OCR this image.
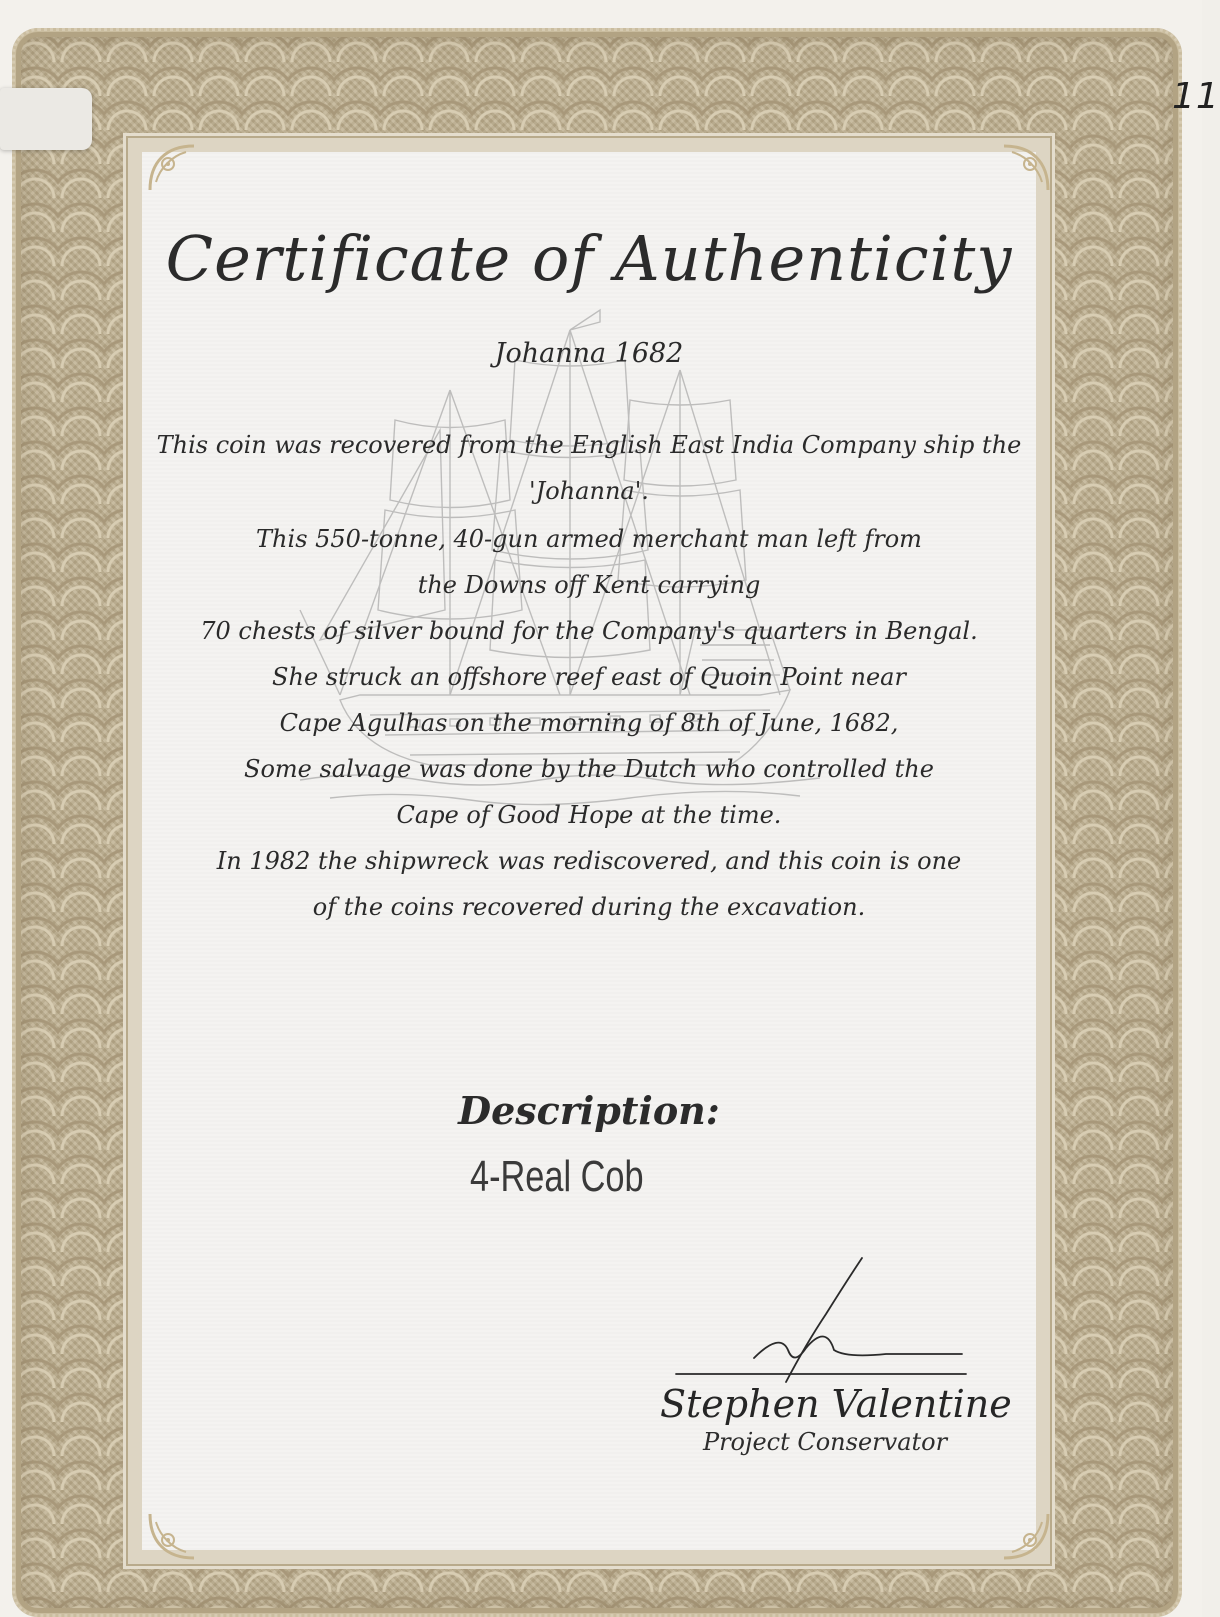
11
Certificate of Authenticity
Johanna 1682
This coin was recovered from the English East India Company ship the
'Johanna'.
This 550-tonne, 40-gun armed merchant man left from
the Downs off Kent carrying
70 chests of silver bound for the Company's quarters in Bengal.
She struck an offshore reef east of Quoin Point near
Cape Agulhas on the morning of 8th of June, 1682,
Some salvage was done by the Dutch who controlled the
Cape of Good Hope at the time.
In 1982 the shipwreck was rediscovered, and this coin is one
of the coins recovered during the excavation.
Description:
4-Real Cob
Stephen Valentine
Project Conservator
